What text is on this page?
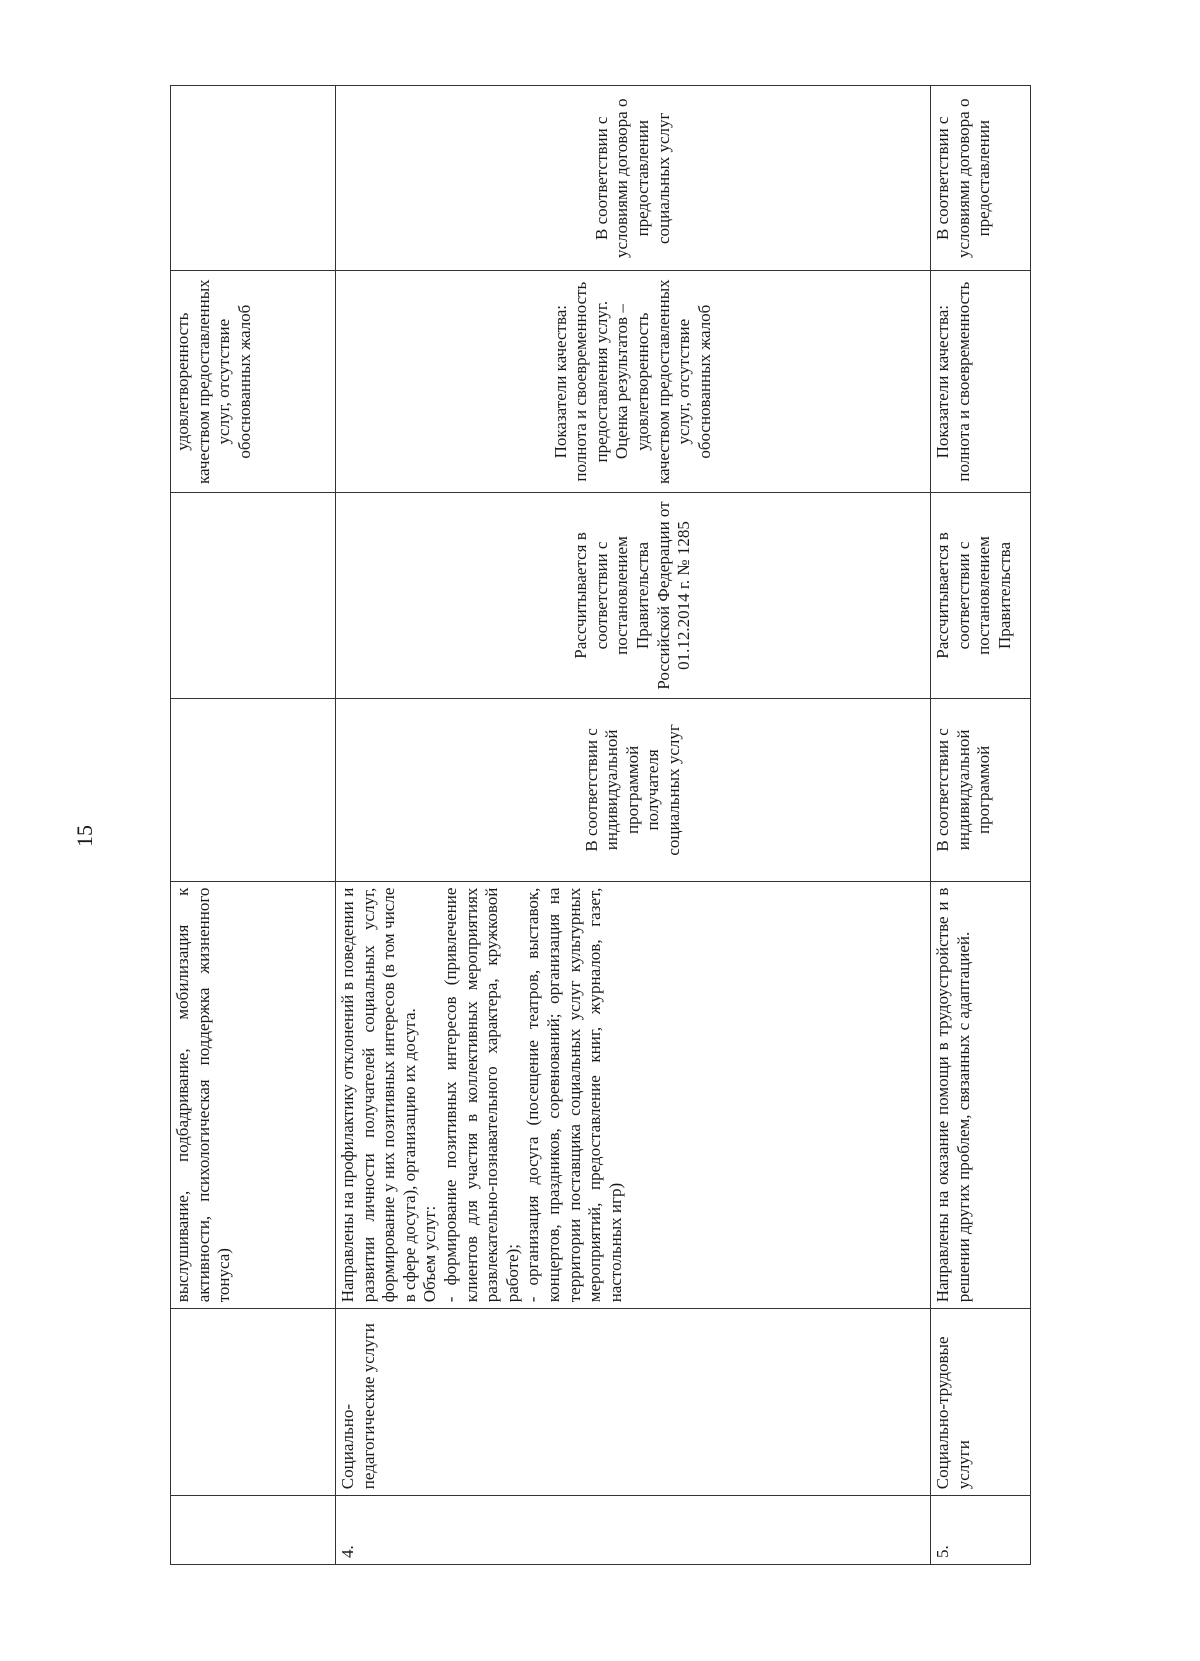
15
		выслушивание, подбадривание, мобилизация к активности, психологическая поддержка жизненного тонуса)			удовлетворенность качеством предоставленных услуг, отсутствие обоснованных жалоб	
4.	Социально-педагогические услуги	Направлены на профилактику отклонений в поведении и развитии личности получателей социальных услуг, формирование у них позитивных интересов (в том числе в сфере досуга), организацию их досуга.
Объем услуг:
- формирование позитивных интересов (привлечение клиентов для участия в коллективных мероприятиях развлекательно-познавательного характера, кружковой работе);
- организация досуга (посещение театров, выставок, концертов, праздников, соревнований; организация на территории поставщика социальных услуг культурных мероприятий, предоставление книг, журналов, газет, настольных игр)	В соответствии с индивидуальной программой получателя социальных услуг	Рассчитывается в соответствии с постановлением Правительства Российской Федерации от 01.12.2014 г. № 1285	Показатели качества: полнота и своевременность предоставления услуг. Оценка результатов – удовлетворенность качеством предоставленных услуг, отсутствие обоснованных жалоб	В соответствии с условиями договора о предоставлении социальных услуг
5.	Социально-трудовые услуги	Направлены на оказание помощи в трудоустройстве и в решении других проблем, связанных с адаптацией.	В соответствии с индивидуальной программой	Рассчитывается в соответствии с постановлением Правительства	Показатели качества: полнота и своевременность	В соответствии с условиями договора о предоставлении
